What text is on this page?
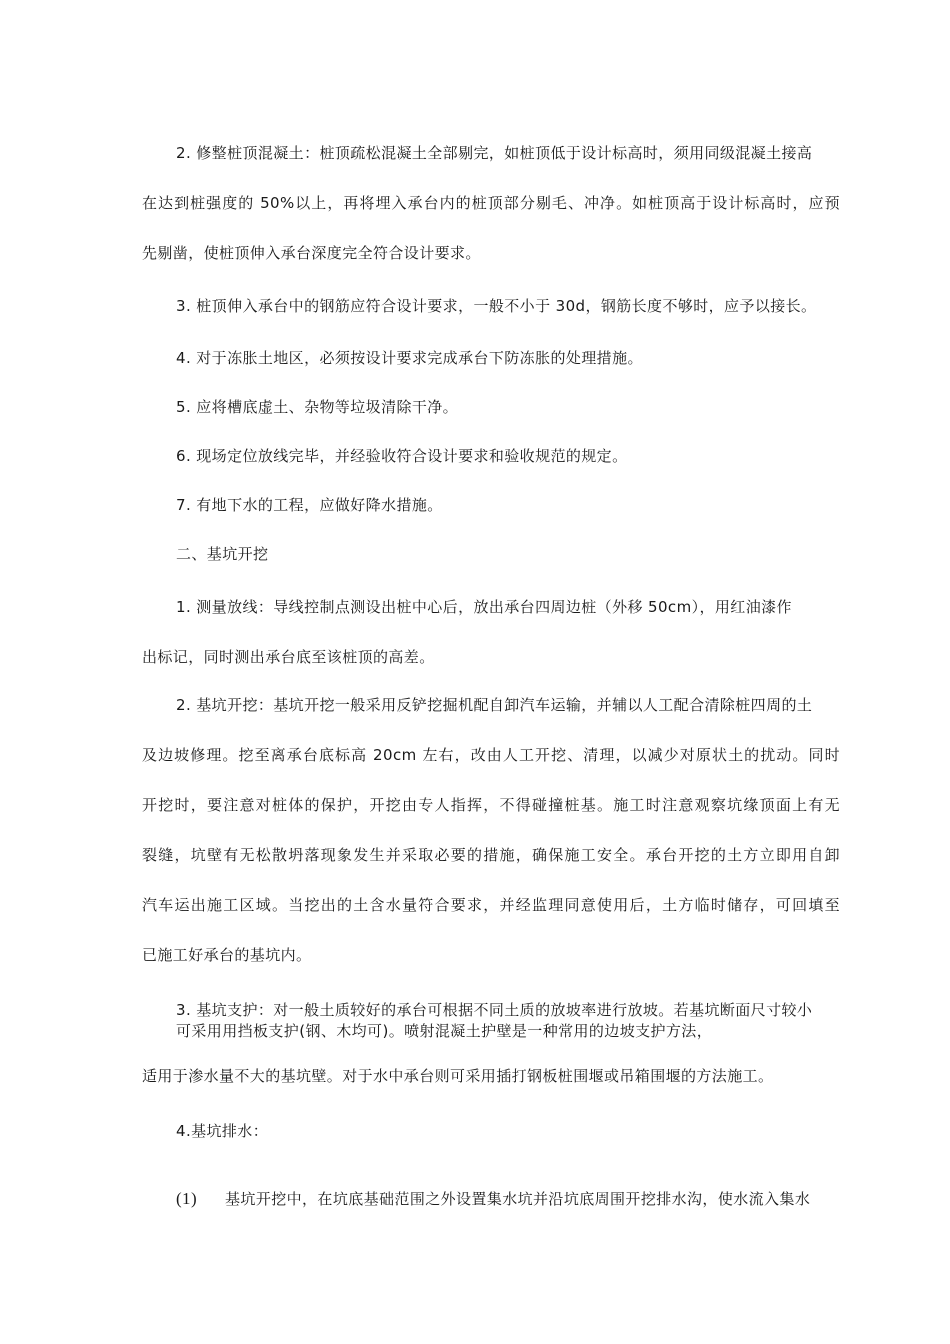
2. 修整桩顶混凝土：桩顶疏松混凝土全部剔完，如桩顶低于设计标高时，须用同级混凝土接高
在达到桩强度的 50%以上，再将埋入承台内的桩顶部分剔毛、冲净。如桩顶高于设计标高时，应预
先剔凿，使桩顶伸入承台深度完全符合设计要求。
3. 桩顶伸入承台中的钢筋应符合设计要求，一般不小于 30d，钢筋长度不够时，应予以接长。
4. 对于冻胀土地区，必须按设计要求完成承台下防冻胀的处理措施。
5. 应将槽底虚土、杂物等垃圾清除干净。
6. 现场定位放线完毕，并经验收符合设计要求和验收规范的规定。
7. 有地下水的工程，应做好降水措施。
二、基坑开挖
1. 测量放线：导线控制点测设出桩中心后，放出承台四周边桩（外移 50cm），用红油漆作
出标记，同时测出承台底至该桩顶的高差。
2. 基坑开挖：基坑开挖一般采用反铲挖掘机配自卸汽车运输，并辅以人工配合清除桩四周的土
及边坡修理。挖至离承台底标高 20cm 左右，改由人工开挖、清理，以减少对原状土的扰动。同时
开挖时，要注意对桩体的保护，开挖由专人指挥，不得碰撞桩基。施工时注意观察坑缘顶面上有无
裂缝，坑壁有无松散坍落现象发生并采取必要的措施，确保施工安全。承台开挖的土方立即用自卸
汽车运出施工区域。当挖出的土含水量符合要求，并经监理同意使用后，土方临时储存，可回填至
已施工好承台的基坑内。
3. 基坑支护：对一般土质较好的承台可根据不同土质的放坡率进行放坡。若基坑断面尺寸较小
可采用用挡板支护(钢、木均可)。喷射混凝土护壁是一种常用的边坡支护方法，
适用于渗水量不大的基坑壁。对于水中承台则可采用插打钢板桩围堰或吊箱围堰的方法施工。
4.基坑排水：
(1) 基坑开挖中，在坑底基础范围之外设置集水坑并沿坑底周围开挖排水沟，使水流入集水
